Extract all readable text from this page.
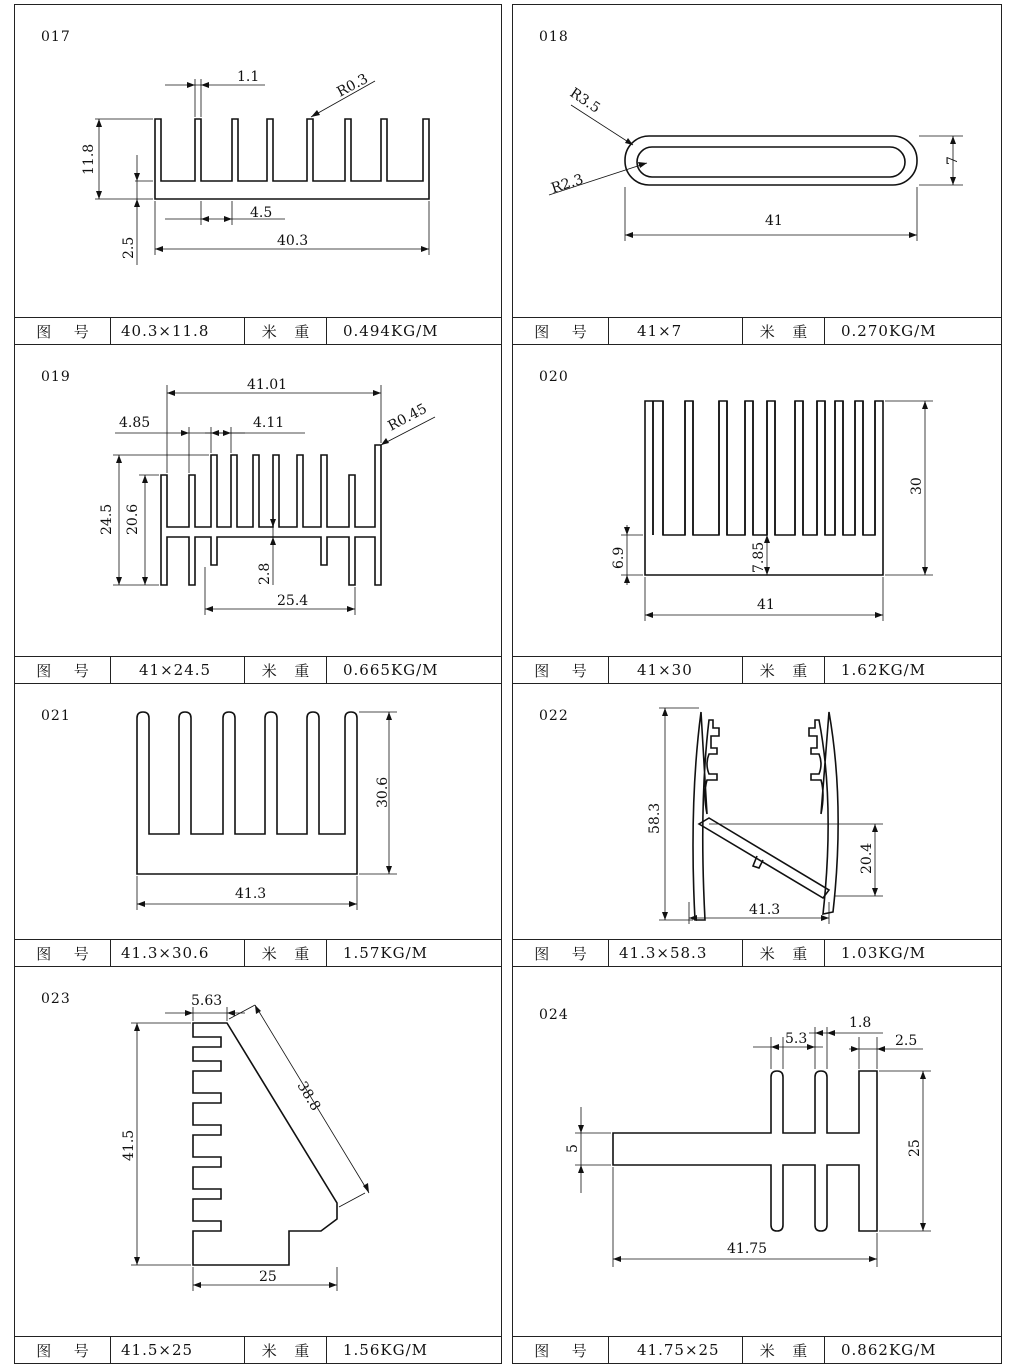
017
1.1	R0.3
11.8
4.5
2.5	40.3
图 号	40.3×11.8	米 重	0.494KG/M
018
R3.5
R2.3
7
41
图 号	41×7	米 重	0.270KG/M
019	41.01
4.85	4.11	R0.45
24.5 20.6
2.8
25.4
图 号	41×24.5	米 重	0.665KG/M
020
30
6.9	7.85
41
图 号	41×30	米 重	1.62KG/M
021
30.6
41.3
图 号	41.3×30.6	米 重	1.57KG/M
022
58.3
20.4
41.3
图 号	41.3×58.3	米 重	1.03KG/M
023	5.63
41.5
38.8
25
图 号	41.5×25	米 重	1.56KG/M
024	1.8
5.3	2.5
5	25
41.75
图 号	41.75×25	米 重	0.862KG/M
